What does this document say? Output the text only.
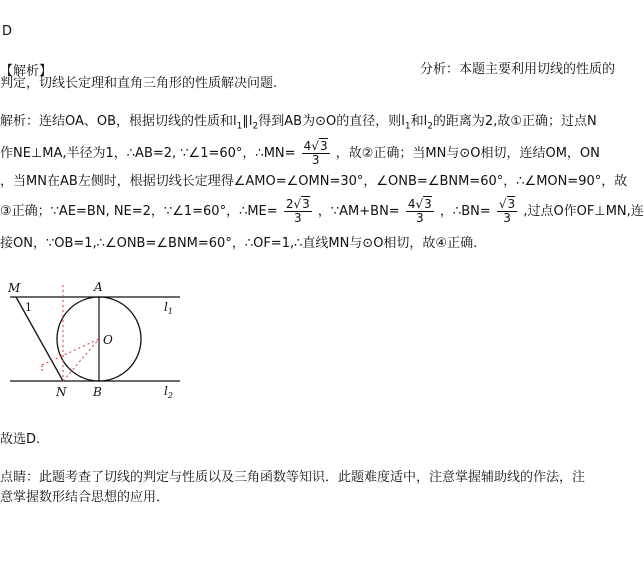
D
【解析】	分析：本题主要利用切线的性质的
判定，切线长定理和直角三角形的性质解决问题.
解析：连结OA、OB，根据切线的性质和$l_1\parallel l_2$得到AB为⊙O的直径，则$l_1$和$l_2$的距离为2,故①正确；过点N
作NE⊥MA,半径为1，∴AB=2, ∵∠1=60°，∴MN= $\frac{4√3}{3}$ ，故②正确；当MN与⊙O相切，连结OM，ON
，当MN在AB左侧时，根据切线长定理得∠AMO=∠OMN=30°，∠ONB=∠BNM=60°，∴∠MON=90°，故
③正确；∵AE=BN, NE=2，∵∠1=60°，∴ME= $\frac{2√3}{3}$ ，∵AM+BN= $\frac{4√3}{3}$ ，∴BN= $\frac{√3}{3}$ ,过点O作OF⊥MN,连
接ON，∵OB=1,∴∠ONB=∠BNM=60°，∴OF=1,∴直线MN与⊙O相切，故④正确.
M	A
$l_1$
1
O
N B	$l_2$
故选D.
点睛：此题考查了切线的判定与性质以及三角函数等知识．此题难度适中，注意掌握辅助线的作法，注
意掌握数形结合思想的应用．
